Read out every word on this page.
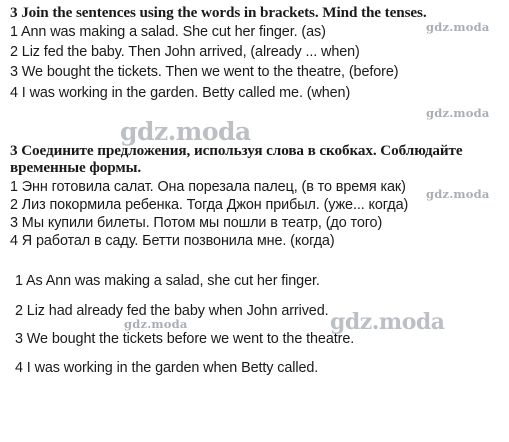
3 Join the sentences using the words in brackets. Mind the tenses.
1 Ann was making a salad. She cut her finger. (as)
2 Liz fed the baby. Then John arrived, (already ... when)
3 We bought the tickets. Then we went to the theatre, (before)
4 I was working in the garden. Betty called me. (when)
3 Соедините предложения, используя слова в скобках. Соблюдайте
временные формы.
1 Энн готовила салат. Она порезала палец, (в то время как)
2 Лиз покормила ребенка. Тогда Джон прибыл. (уже... когда)
3 Мы купили билеты. Потом мы пошли в театр, (до того)
4 Я работал в саду. Бетти позвонила мне. (когда)
1 As Ann was making a salad, she cut her finger.
2 Liz had already fed the baby when John arrived.
3 We bought the tickets before we went to the theatre.
4 I was working in the garden when Betty called.
gdz.moda
gdz.moda
gdz.moda
gdz.moda
gdz.moda	gdz.moda
